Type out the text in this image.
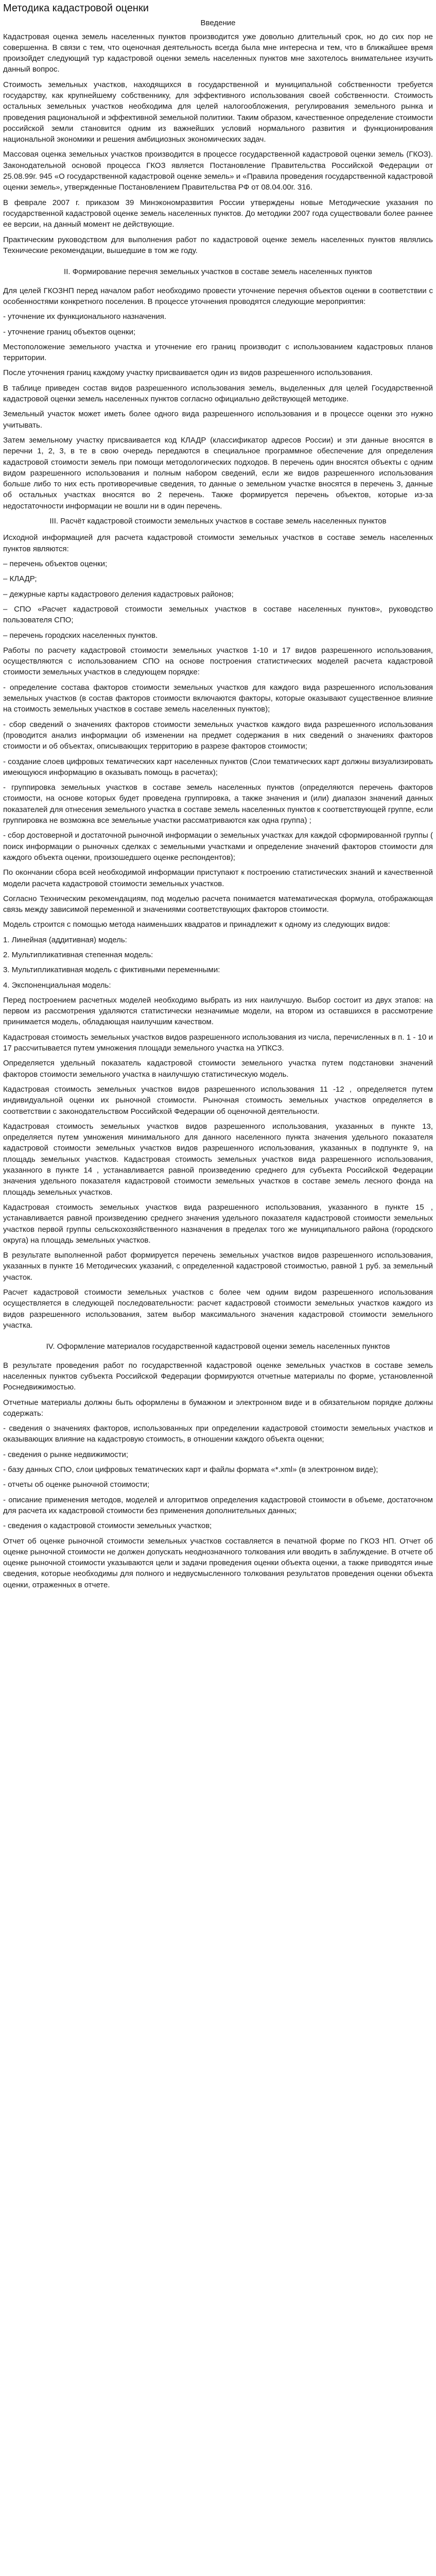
Методика кадастровой оценки
Введение

Кадастровая оценка земель населенных пунктов производится уже довольно длительный срок, но до сих пор не совершенна. В связи с тем, что оценочная деятельность всегда была мне интересна и тем, что в ближайшее время произойдет следующий тур кадастровой оценки земель населенных пунктов мне захотелось внимательнее изучить данный вопрос.

Стоимость земельных участков, находящихся в государственной и муниципальной собственности требуется государству, как крупнейшему собственнику, для эффективного использования своей собственности. Стоимость остальных земельных участков необходима для целей налогообложения, регулирования земельного рынка и проведения рациональной и эффективной земельной политики. Таким образом, качественное определение стоимости российской земли становится одним из важнейших условий нормального развития и функционирования национальной экономики и решения амбициозных экономических задач.

Массовая оценка земельных участков производится в процессе государственной кадастровой оценки земель (ГКОЗ). Законодательной основой процесса ГКОЗ является Постановление Правительства Российской Федерации от 25.08.99г. 945 «О государственной кадастровой оценке земель» и «Правила проведения государственной кадастровой оценки земель», утвержденные Постановлением Правительства РФ от 08.04.00г. 316.

В феврале 2007 г. приказом 39 Минэкономразвития России утверждены новые Методические указания по государственной кадастровой оценке земель населенных пунктов. До методики 2007 года существовали более раннее ее версии, на данный момент не действующие.

Практическим руководством для выполнения работ по кадастровой оценке земель населенных пунктов являлись Технические рекомендации, вышедшие в том же году.

II. Формирование перечня земельных участков в составе земель населенных пунктов

Для целей ГКОЗНП перед началом работ необходимо провести уточнение перечня объектов оценки в соответствии с особенностями конкретного поселения. В процессе уточнения проводятся следующие мероприятия:

- уточнение их функционального назначения.

- уточнение границ объектов оценки;

Местоположение земельного участка и уточнение его границ производит с использованием кадастровых планов территории.

После уточнения границ каждому участку присваивается один из видов разрешенного использования.

В таблице приведен состав видов разрешенного использования земель, выделенных для целей Государственной кадастровой оценки земель населенных пунктов согласно официально действующей методике.

Земельный участок может иметь более одного вида разрешенного использования и в процессе оценки это нужно учитывать.

Затем земельному участку присваивается код КЛАДР (классификатор адресов России) и эти данные вносятся в перечни 1, 2, 3, в те в свою очередь передаются в специальное программное обеспечение для определения кадастровой стоимости земель при помощи методологических подходов. В перечень один вносятся объекты с одним видом разрешенного использования и полным набором сведений, если же видов разрешенного использования больше либо то них есть противоречивые сведения, то данные о земельном участке вносятся в перечень 3, данные об остальных участках вносятся во 2 перечень. Также формируется перечень объектов, которые из-за недостаточности информации не вошли ни в один перечень.

III. Расчёт кадастровой стоимости земельных участков в составе земель населенных пунктов

Исходной информацией для расчета кадастровой стоимости земельных участков в составе земель населенных пунктов являются:

– перечень объектов оценки;

– КЛАДР;

– дежурные карты кадастрового деления кадастровых районов;

– СПО «Расчет кадастровой стоимости земельных участков в составе населенных пунктов», руководство пользователя СПО;

– перечень городских населенных пунктов.

Работы по расчету кадастровой стоимости земельных участков 1-10 и 17 видов разрешенного использования, осуществляются с использованием СПО на основе построения статистических моделей расчета кадастровой стоимости земельных участков в следующем порядке:

- определение состава факторов стоимости земельных участков для каждого вида разрешенного использования земельных участков (в состав факторов стоимости включаются факторы, которые оказывают существенное влияние на стоимость земельных участков в составе земель населенных пунктов);

- сбор сведений о значениях факторов стоимости земельных участков каждого вида разрешенного использования (проводится анализ информации об изменении на предмет содержания в них сведений о значениях факторов стоимости и об объектах, описывающих территорию в разрезе факторов стоимости;

- создание слоев цифровых тематических карт населенных пунктов (Слои тематических карт должны визуализировать имеющуюся информацию в оказывать помощь в расчетах);

- группировка земельных участков в составе земель населенных пунктов (определяются перечень факторов стоимости, на основе которых будет проведена группировка, а также значения и (или) диапазон значений данных показателей для отнесения земельного участка в составе земель населенных пунктов к соответствующей группе, если группировка не возможна все земельные участки рассматриваются как одна группа) ;

- сбор достоверной и достаточной рыночной информации о земельных участках для каждой сформированной группы ( поиск информации о рыночных сделках с земельными участками и определение значений факторов стоимости для каждого объекта оценки, произошедшего оценке респондентов);

По окончании сбора всей необходимой информации приступают к построению статистических знаний и качественной модели расчета кадастровой стоимости земельных участков.

Согласно Техническим рекомендациям, под моделью расчета понимается математическая формула, отображающая связь между зависимой переменной и значениями соответствующих факторов стоимости.

Модель строится с помощью метода наименьших квадратов и принадлежит к одному из следующих видов:

1. Линейная (аддитивная) модель:

2. Мультипликативная степенная модель:

3. Мультипликативная модель с фиктивными переменными:

4. Экспоненциальная модель:

Перед построением расчетных моделей необходимо выбрать из них наилучшую. Выбор состоит из двух этапов: на первом из рассмотрения удаляются статистически незначимые модели, на втором из оставшихся в рассмотрение принимается модель, обладающая наилучшим качеством.

Кадастровая стоимость земельных участков видов разрешенного использования из числа, перечисленных в п. 1 - 10 и 17 рассчитывается путем умножения площади земельного участка на УПКСЗ.

Определяется удельный показатель кадастровой стоимости земельного участка путем подстановки значений факторов стоимости земельного участка в наилучшую статистическую модель.

Кадастровая стоимость земельных участков видов разрешенного использования 11 -12 , определяется путем индивидуальной оценки их рыночной стоимости. Рыночная стоимость земельных участков определяется в соответствии с законодательством Российской Федерации об оценочной деятельности.

Кадастровая стоимость земельных участков видов разрешенного использования, указанных в пункте 13, определяется путем умножения минимального для данного населенного пункта значения удельного показателя кадастровой стоимости земельных участков видов разрешенного использования, указанных в подпункте 9, на площадь земельных участков. Кадастровая стоимость земельных участков вида разрешенного использования, указанного в пункте 14 , устанавливается равной произведению среднего для субъекта Российской Федерации значения удельного показателя кадастровой стоимости земельных участков в составе земель лесного фонда на площадь земельных участков.

Кадастровая стоимость земельных участков вида разрешенного использования, указанного в пункте 15 , устанавливается равной произведению среднего значения удельного показателя кадастровой стоимости земельных участков первой группы сельскохозяйственного назначения в пределах того же муниципального района (городского округа) на площадь земельных участков.

В результате выполненной работ формируется перечень земельных участков видов разрешенного использования, указанных в пункте 16 Методических указаний, с определенной кадастровой стоимостью, равной 1 руб. за земельный участок.

Расчет кадастровой стоимости земельных участков с более чем одним видом разрешенного использования осуществляется в следующей последовательности: расчет кадастровой стоимости земельных участков каждого из видов разрешенного использования, затем выбор максимального значения кадастровой стоимости земельного участка.

IV. Оформление материалов государственной кадастровой оценки земель населенных пунктов

В результате проведения работ по государственной кадастровой оценке земельных участков в составе земель населенных пунктов субъекта Российской Федерации формируются отчетные материалы по форме, установленной Роснедвижимостью.

Отчетные материалы должны быть оформлены в бумажном и электронном виде и в обязательном порядке должны содержать:

- сведения о значениях факторов, использованных при определении кадастровой стоимости земельных участков и оказывающих влияние на кадастровую стоимость, в отношении каждого объекта оценки;

- сведения о рынке недвижимости;

- базу данных СПО, слои цифровых тематических карт и файлы формата «*.xml» (в электронном виде);

- отчеты об оценке рыночной стоимости;

- описание применения методов, моделей и алгоритмов определения кадастровой стоимости в объеме, достаточном для расчета их кадастровой стоимости без применения дополнительных данных;

- сведения о кадастровой стоимости земельных участков;

Отчет об оценке рыночной стоимости земельных участков составляется в печатной форме по ГКОЗ НП. Отчет об оценке рыночной стоимости не должен допускать неоднозначного толкования или вводить в заблуждение. В отчете об оценке рыночной стоимости указываются цели и задачи проведения оценки объекта оценки, а также приводятся иные сведения, которые необходимы для полного и недвусмысленного толкования результатов проведения оценки объекта оценки, отраженных в отчете.
